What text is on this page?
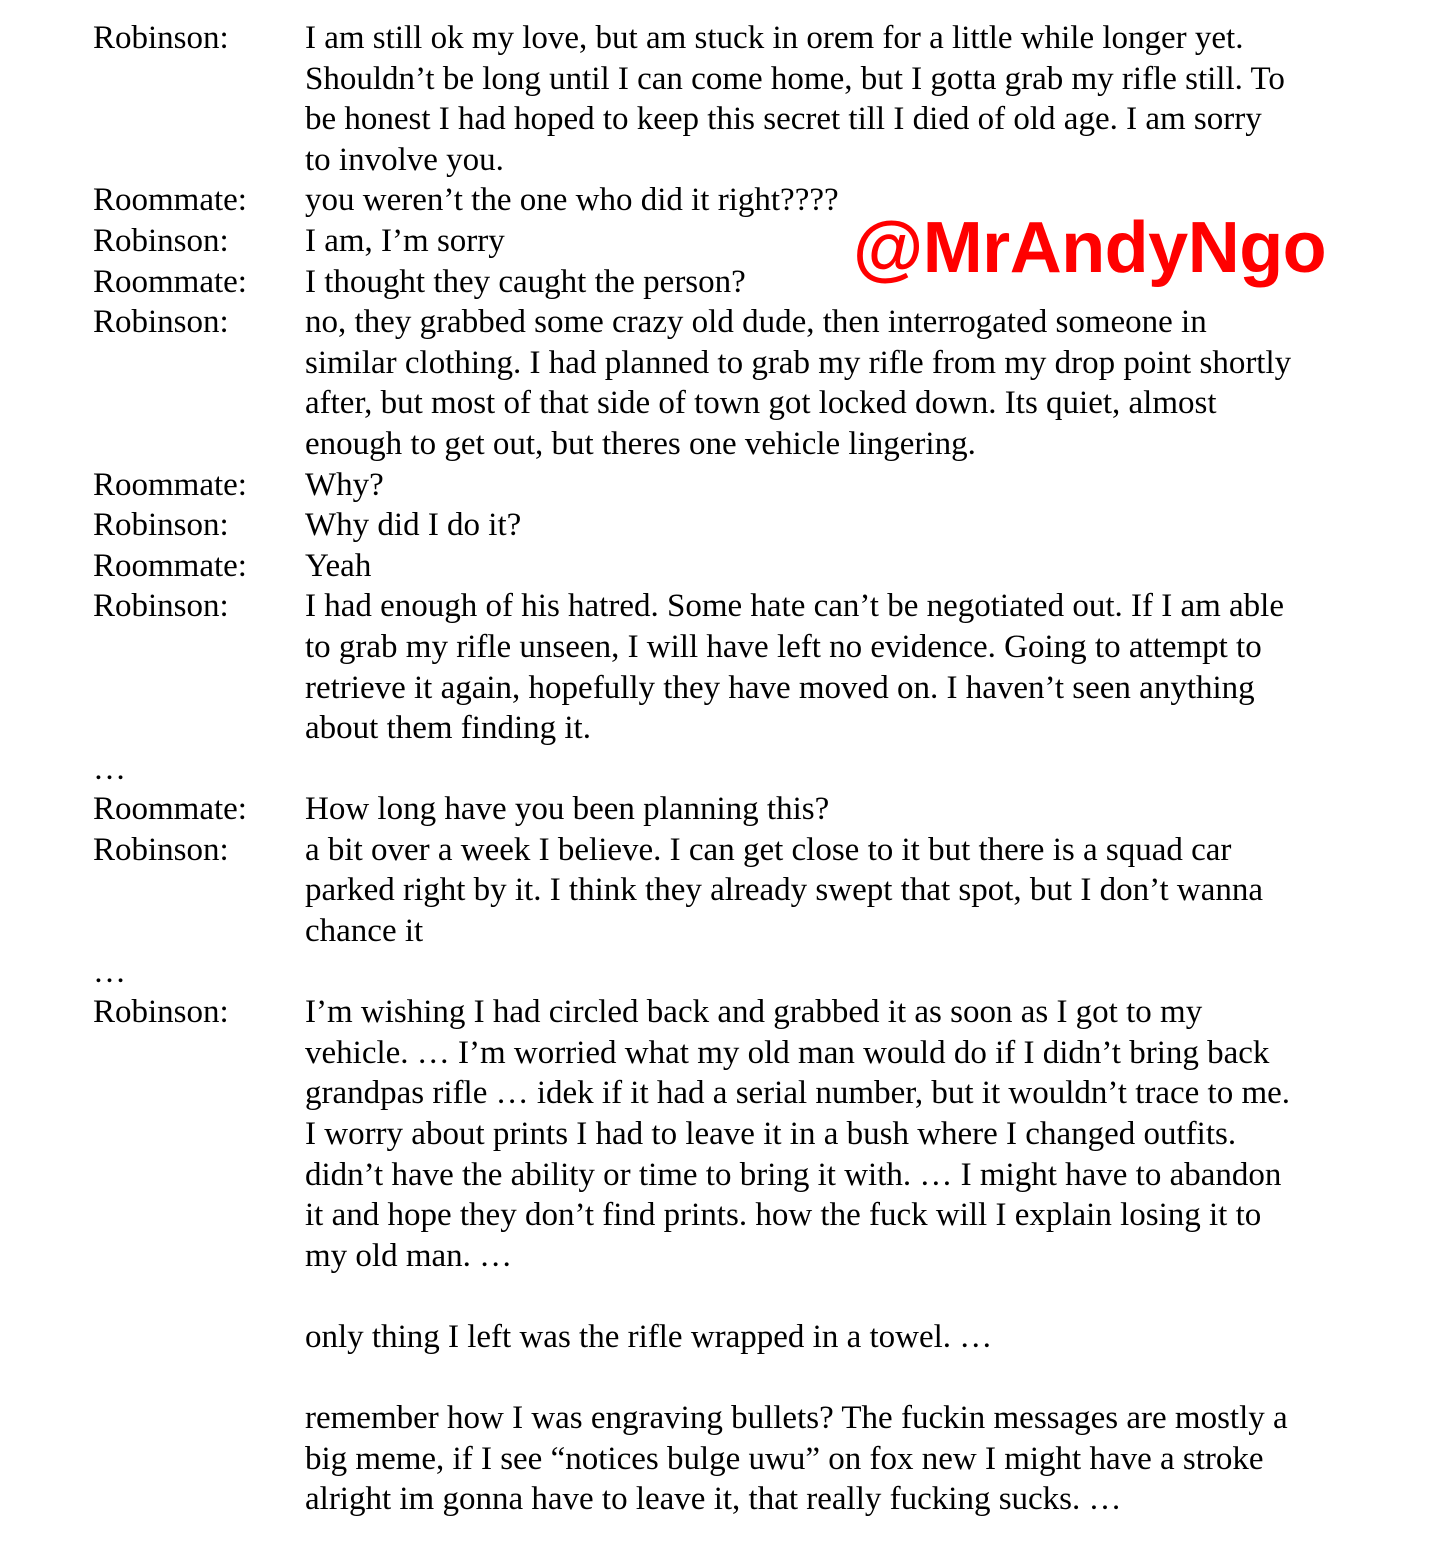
Robinson:	I am still ok my love, but am stuck in orem for a little while longer yet.
Shouldn’t be long until I can come home, but I gotta grab my rifle still. To
be honest I had hoped to keep this secret till I died of old age. I am sorry
to involve you.
Roommate:	you weren’t the one who did it right????
Robinson:	I am, I’m sorry
Roommate:	I thought they caught the person?
Robinson:	no, they grabbed some crazy old dude, then interrogated someone in
similar clothing. I had planned to grab my rifle from my drop point shortly
after, but most of that side of town got locked down. Its quiet, almost
enough to get out, but theres one vehicle lingering.
Roommate:	Why?
Robinson:	Why did I do it?
Roommate:	Yeah
Robinson:	I had enough of his hatred. Some hate can’t be negotiated out. If I am able
to grab my rifle unseen, I will have left no evidence. Going to attempt to
retrieve it again, hopefully they have moved on. I haven’t seen anything
about them finding it.
…
Roommate:	How long have you been planning this?
Robinson:	a bit over a week I believe. I can get close to it but there is a squad car
parked right by it. I think they already swept that spot, but I don’t wanna
chance it
…
Robinson:	I’m wishing I had circled back and grabbed it as soon as I got to my
vehicle. … I’m worried what my old man would do if I didn’t bring back
grandpas rifle … idek if it had a serial number, but it wouldn’t trace to me.
I worry about prints I had to leave it in a bush where I changed outfits.
didn’t have the ability or time to bring it with. … I might have to abandon
it and hope they don’t find prints. how the fuck will I explain losing it to
my old man. …
only thing I left was the rifle wrapped in a towel. …
remember how I was engraving bullets? The fuckin messages are mostly a
big meme, if I see “notices bulge uwu” on fox new I might have a stroke
alright im gonna have to leave it, that really fucking sucks. …
@MrAndyNgo
